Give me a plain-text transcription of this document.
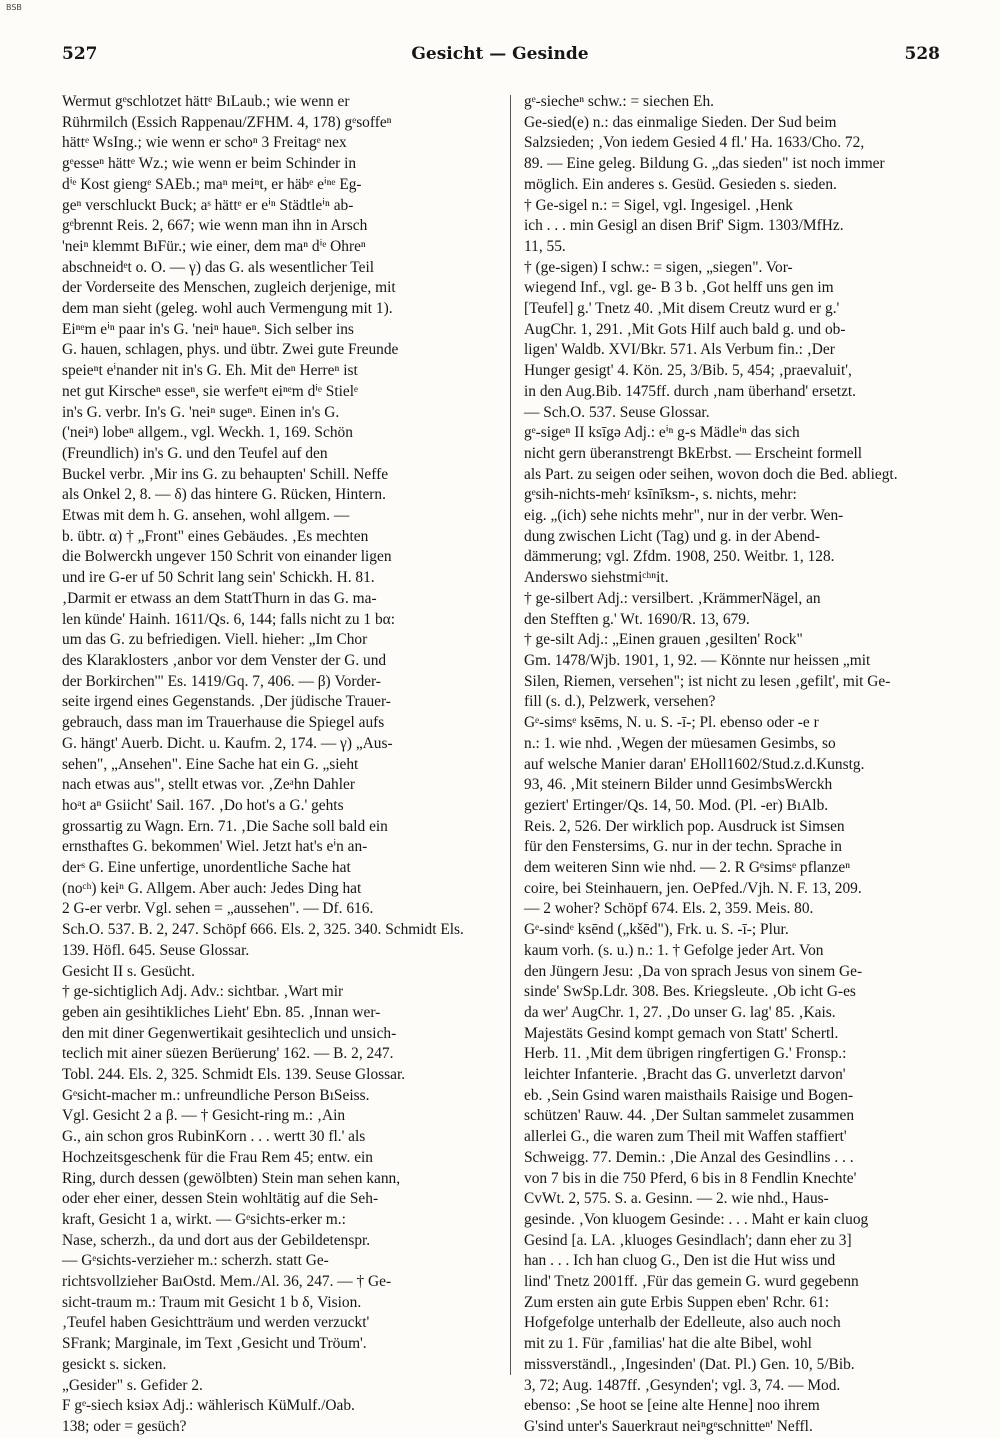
BSB
527	Gesicht — Gesinde	528
Wermut gᵉschlotzet hättᵉ BıLaub.; wie wenn er
Rührmilch (Essich Rappenau/ZFHM. 4, 178) gᵉsoffeⁿ
hättᵉ WsIng.; wie wenn er schoⁿ 3 Freitagᵉ nex
gᵉesseⁿ hättᵉ Wz.; wie wenn er beim Schinder in
dⁱᵉ Kost giengᵉ SAEb.; maⁿ meiⁿt, er häbᵉ eⁱⁿᵉ Eg-
geⁿ verschluckt Buck; aˢ hättᵉ er eⁱⁿ Städtleⁱⁿ ab-
gᵉbrennt Reis. 2, 667; wie wenn man ihn in Arsch
'neiⁿ klemmt BıFür.; wie einer, dem maⁿ dⁱᵉ Ohreⁿ
abschneidᵉt o. O. — γ) das G. als wesentlicher Teil
der Vorderseite des Menschen, zugleich derjenige, mit
dem man sieht (geleg. wohl auch Vermengung mit 1).
Eiⁿᵉm eⁱⁿ paar in's G. 'neiⁿ haueⁿ. Sich selber ins
G. hauen, schlagen, phys. und übtr. Zwei gute Freunde
speieⁿt eⁱnander nit in's G. Eh. Mit deⁿ Herreⁿ ist
net gut Kirscheⁿ esseⁿ, sie werfeⁿt eiⁿᵉm dⁱᵉ Stielᵉ
in's G. verbr. In's G. 'neiⁿ sugeⁿ. Einen in's G.
('neiⁿ) lobeⁿ allgem., vgl. Weckh. 1, 169. Schön
(Freundlich) in's G. und den Teufel auf den
Buckel verbr. ‚Mir ins G. zu behaupten' Schill. Neffe
als Onkel 2, 8. — δ) das hintere G. Rücken, Hintern.
Etwas mit dem h. G. ansehen, wohl allgem. —
b. übtr. α) † „Front" eines Gebäudes. ‚Es mechten
die Bolwerckh ungever 150 Schrit von einander ligen
und ire G-er uf 50 Schrit lang sein' Schickh. H. 81.
‚Darmit er etwass an dem StattThurn in das G. ma-
len künde' Hainh. 1611/Qs. 6, 144; falls nicht zu 1 bα:
um das G. zu befriedigen. Viell. hieher: „Im Chor
des Klaraklosters ‚anbor vor dem Venster der G. und
der Borkirchen'" Es. 1419/Gq. 7, 406. — β) Vorder-
seite irgend eines Gegenstands. ‚Der jüdische Trauer-
gebrauch, dass man im Trauerhause die Spiegel aufs
G. hängt' Auerb. Dicht. u. Kaufm. 2, 174. — γ) „Aus-
sehen", „Ansehen". Eine Sache hat ein G. „sieht
nach etwas aus", stellt etwas vor. ‚Zeᵃhn Dahler
hoᵃt aⁿ Gsiicht' Sail. 167. ‚Do hot's a G.' gehts
grossartig zu Wagn. Ern. 71. ‚Die Sache soll bald ein
ernsthaftes G. bekommen' Wiel. Jetzt hat's eⁱn an-
derˢ G. Eine unfertige, unordentliche Sache hat
(noᶜʰ) keiⁿ G. Allgem. Aber auch: Jedes Ding hat
2 G-er verbr. Vgl. sehen = „aussehen". — Df. 616.
Sch.O. 537. B. 2, 247. Schöpf 666. Els. 2, 325. 340. Schmidt Els.
139. Höfl. 645. Seuse Glossar.
Gesicht II s. Gesücht.
† ge-sichtiglich Adj. Adv.: sichtbar. ‚Wart mir
geben ain gesihtikliches Lieht' Ebn. 85. ‚Innan wer-
den mit diner Gegenwertikait gesihteclich und unsich-
teclich mit ainer süezen Berüerung' 162. — B. 2, 247.
Tobl. 244. Els. 2, 325. Schmidt Els. 139. Seuse Glossar.
Gᵉsicht-macher m.: unfreundliche Person BıSeiss.
Vgl. Gesicht 2 a β. — † Gesicht-ring m.: ‚Ain
G., ain schon gros RubinKorn . . . wertt 30 fl.' als
Hochzeitsgeschenk für die Frau Rem 45; entw. ein
Ring, durch dessen (gewölbten) Stein man sehen kann,
oder eher einer, dessen Stein wohltätig auf die Seh-
kraft, Gesicht 1 a, wirkt. — Gᵉsichts-erker m.:
Nase, scherzh., da und dort aus der Gebildetenspr.
— Gᵉsichts-verzieher m.: scherzh. statt Ge-
richtsvollzieher BaıOstd. Mem./Al. 36, 247. — † Ge-
sicht-traum m.: Traum mit Gesicht 1 b δ, Vision.
‚Teufel haben Gesichtträum und werden verzuckt'
SFrank; Marginale, im Text ‚Gesicht und Tröum'.
gesickt s. sicken.
„Gesider" s. Gefider 2.
F gᵉ-siech ksiəx Adj.: wählerisch KüMulf./Oab.
138; oder = gesüch?
gᵉ-siecheⁿ schw.: = siechen Eh.
Ge-sied(e) n.: das einmalige Sieden. Der Sud beim
Salzsieden; ‚Von iedem Gesied 4 fl.' Ha. 1633/Cho. 72,
89. — Eine geleg. Bildung G. „das sieden" ist noch immer
möglich. Ein anderes s. Gesüd. Gesieden s. sieden.
† Ge-sigel n.: = Sigel, vgl. Ingesigel. ‚Henk
ich . . . min Gesigl an disen Brif' Sigm. 1303/MfHz.
11, 55.
† (ge-sigen) I schw.: = sigen, „siegen". Vor-
wiegend Inf., vgl. ge- B 3 b. ‚Got helff uns gen im
[Teufel] g.' Tnetz 40. ‚Mit disem Creutz wurd er g.'
AugChr. 1, 291. ‚Mit Gots Hilf auch bald g. und ob-
ligen' Waldb. XVI/Bkr. 571. Als Verbum fin.: ‚Der
Hunger gesigt' 4. Kön. 25, 3/Bib. 5, 454; ‚praevaluit',
in den Aug.Bib. 1475ff. durch ‚nam überhand' ersetzt.
— Sch.O. 537. Seuse Glossar.
gᵉ-sigeⁿ II ksīgə Adj.: eⁱⁿ g-s Mädleⁱⁿ das sich
nicht gern überanstrengt BkErbst. — Erscheint formell
als Part. zu seigen oder seihen, wovon doch die Bed. abliegt.
gᵉsih-nichts-mehʳ ksīnīksm-, s. nichts, mehr:
eig. „(ich) sehe nichts mehr", nur in der verbr. Wen-
dung zwischen Licht (Tag) und g. in der Abend-
dämmerung; vgl. Zfdm. 1908, 250. Weitbr. 1, 128.
Anderswo siehstmiᶜʰⁿit.
† ge-silbert Adj.: versilbert. ‚KrämmerNägel, an
den Stefften g.' Wt. 1690/R. 13, 679.
† ge-silt Adj.: „Einen grauen ‚gesilten' Rock"
Gm. 1478/Wjb. 1901, 1, 92. — Könnte nur heissen „mit
Silen, Riemen, versehen"; ist nicht zu lesen ‚gefilt', mit Ge-
fill (s. d.), Pelzwerk, versehen?
Gᵉ-simsᵉ ksēms, N. u. S. -ī-; Pl. ebenso oder -e r
n.: 1. wie nhd. ‚Wegen der müesamen Gesimbs, so
auf welsche Manier daran' EHoll1602/Stud.z.d.Kunstg.
93, 46. ‚Mit steinern Bilder unnd GesimbsWerckh
geziert' Ertinger/Qs. 14, 50. Mod. (Pl. -er) BıAlb.
Reis. 2, 526. Der wirklich pop. Ausdruck ist Simsen
für den Fenstersims, G. nur in der techn. Sprache in
dem weiteren Sinn wie nhd. — 2. R Gᵉsimsᵉ pflanzeⁿ
coire, bei Steinhauern, jen. OePfed./Vjh. N. F. 13, 209.
— 2 woher? Schöpf 674. Els. 2, 359. Meis. 80.
Gᵉ-sindᵉ ksēnd („kšēd"), Frk. u. S. -ī-; Plur.
kaum vorh. (s. u.) n.: 1. † Gefolge jeder Art. Von
den Jüngern Jesu: ‚Da von sprach Jesus von sinem Ge-
sinde' SwSp.Ldr. 308. Bes. Kriegsleute. ‚Ob icht G-es
da wer' AugChr. 1, 27. ‚Do unser G. lag' 85. ‚Kais.
Majestäts Gesind kompt gemach von Statt' Schertl.
Herb. 11. ‚Mit dem übrigen ringfertigen G.' Fronsp.:
leichter Infanterie. ‚Bracht das G. unverletzt darvon'
eb. ‚Sein Gsind waren maisthails Raisige und Bogen-
schützen' Rauw. 44. ‚Der Sultan sammelet zusammen
allerlei G., die waren zum Theil mit Waffen staffiert'
Schweigg. 77. Demin.: ‚Die Anzal des Gesindlins . . .
von 7 bis in die 750 Pferd, 6 bis in 8 Fendlin Knechte'
CvWt. 2, 575. S. a. Gesinn. — 2. wie nhd., Haus-
gesinde. ‚Von kluogem Gesinde: . . . Maht er kain cluog
Gesind [a. LA. ‚kluoges Gesindlach'; dann eher zu 3]
han . . . Ich han cluog G., Den ist die Hut wiss und
lind' Tnetz 2001ff. ‚Für das gemein G. wurd gegebenn
Zum ersten ain gute Erbis Suppen eben' Rchr. 61:
Hofgefolge unterhalb der Edelleute, also auch noch
mit zu 1. Für ‚familias' hat die alte Bibel, wohl
missverständl., ‚Ingesinden' (Dat. Pl.) Gen. 10, 5/Bib.
3, 72; Aug. 1487ff. ‚Gesynden'; vgl. 3, 74. — Mod.
ebenso: ‚Se hoot se [eine alte Henne] noo ihrem
G'sind unter's Sauerkraut neiⁿgᵉschnitteⁿ' Neffl.
